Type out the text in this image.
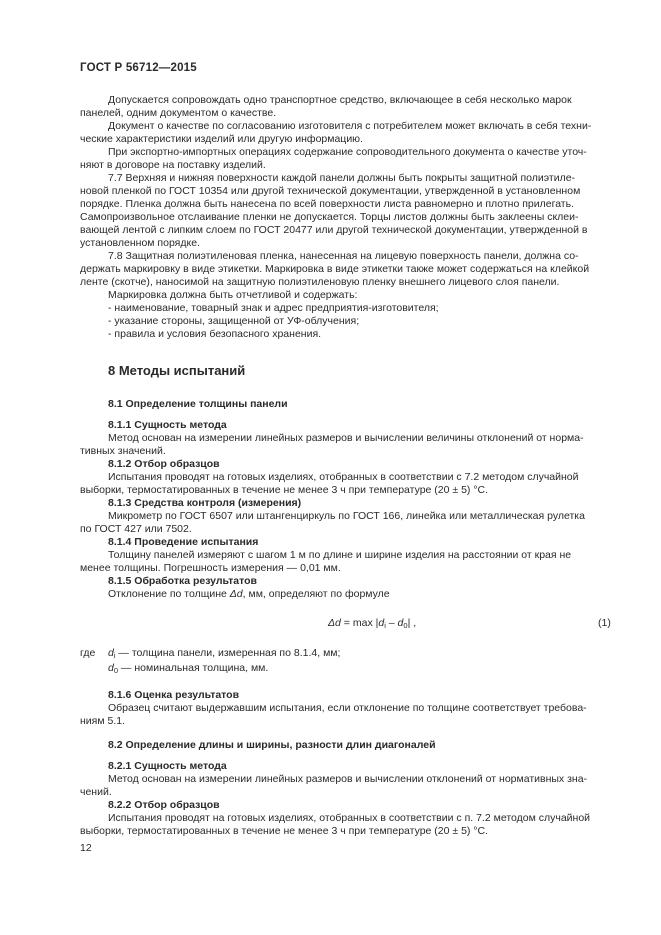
ГОСТ Р 56712—2015

Допускается сопровождать одно транспортное средство, включающее в себя несколько марок

панелей, одним документом о качестве.

Документ о качестве по согласованию изготовителя с потребителем может включать в себя техни-

ческие характеристики изделий или другую информацию.

При экспортно-импортных операциях содержание сопроводительного документа о качестве уточ-

няют в договоре на поставку изделий.

7.7 Верхняя и нижняя поверхности каждой панели должны быть покрыты защитной полиэтиле-

новой пленкой по ГОСТ 10354 или другой технической документации, утвержденной в установленном

порядке. Пленка должна быть нанесена по всей поверхности листа равномерно и плотно прилегать.

Самопроизвольное отслаивание пленки не допускается. Торцы листов должны быть заклеены склеи-

вающей лентой с липким слоем по ГОСТ 20477 или другой технической документации, утвержденной в

установленном порядке.

7.8 Защитная полиэтиленовая пленка, нанесенная на лицевую поверхность панели, должна со-

держать маркировку в виде этикетки. Маркировка в виде этикетки также может содержаться на клейкой

ленте (скотче), наносимой на защитную полиэтиленовую пленку внешнего лицевого слоя панели.

Маркировка должна быть отчетливой и содержать:

- наименование, товарный знак и адрес предприятия-изготовителя;

- указание стороны, защищенной от УФ-облучения;

- правила и условия безопасного хранения.

8 Методы испытаний

8.1 Определение толщины панели

8.1.1 Сущность метода

Метод основан на измерении линейных размеров и вычислении величины отклонений от норма-

тивных значений.

8.1.2 Отбор образцов

Испытания проводят на готовых изделиях, отобранных в соответствии с 7.2 методом случайной

выборки, термостатированных в течение не менее 3 ч при температуре (20 ± 5) °С.

8.1.3 Средства контроля (измерения)

Микрометр по ГОСТ 6507 или штангенциркуль по ГОСТ 166, линейка или металлическая рулетка

по ГОСТ 427 или 7502.

8.1.4 Проведение испытания

Толщину панелей измеряют с шагом 1 м по длине и ширине изделия на расстоянии от края не

менее толщины. Погрешность измерения — 0,01 мм.

8.1.5 Обработка результатов

Отклонение по толщине Δd, мм, определяют по формуле

$\Delta d = \max |d_i - d_0|$ ,	(1)
где $d_i$ — толщина панели, измеренная по 8.1.4, мм;
$d_0$ — номинальная толщина, мм.

8.1.6 Оценка результатов

Образец считают выдержавшим испытания, если отклонение по толщине соответствует требова-

ниям 5.1.

8.2 Определение длины и ширины, разности длин диагоналей

8.2.1 Сущность метода

Метод основан на измерении линейных размеров и вычислении отклонений от нормативных зна-

чений.

8.2.2 Отбор образцов

Испытания проводят на готовых изделиях, отобранных в соответствии с п. 7.2 методом случайной

выборки, термостатированных в течение не менее 3 ч при температуре (20 ± 5) °С.

12
